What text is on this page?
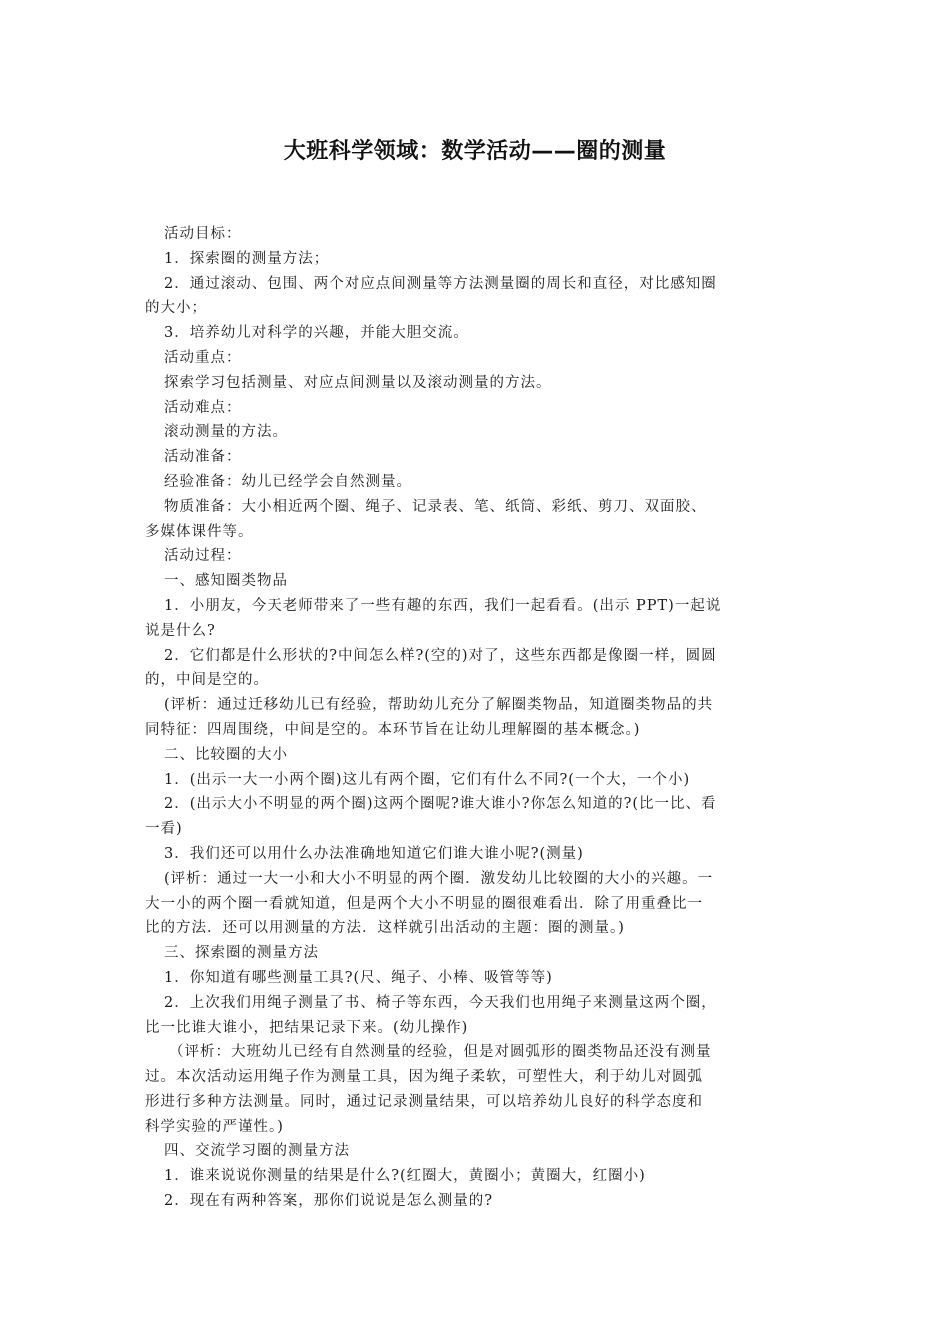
大班科学领域：数学活动——圈的测量

活动目标：

1．探索圈的测量方法；

2．通过滚动、包围、两个对应点间测量等方法测量圈的周长和直径，对比感知圈

的大小；

3．培养幼儿对科学的兴趣，并能大胆交流。

活动重点：

探索学习包括测量、对应点间测量以及滚动测量的方法。

活动难点：

滚动测量的方法。

活动准备：

经验准备：幼儿已经学会自然测量。

物质准备：大小相近两个圈、绳子、记录表、笔、纸筒、彩纸、剪刀、双面胶、

多媒体课件等。

活动过程：

一、感知圈类物品

1．小朋友，今天老师带来了一些有趣的东西，我们一起看看。(出示 PPT)一起说

说是什么?

2．它们都是什么形状的?中间怎么样?(空的)对了，这些东西都是像圈一样，圆圆

的，中间是空的。

(评析：通过迁移幼儿已有经验，帮助幼儿充分了解圈类物品，知道圈类物品的共

同特征：四周围绕，中间是空的。本环节旨在让幼儿理解圈的基本概念。)

二、比较圈的大小

1．(出示一大一小两个圈)这儿有两个圈，它们有什么不同?(一个大，一个小)

2．(出示大小不明显的两个圈)这两个圈呢?谁大谁小?你怎么知道的?(比一比、看

一看)

3．我们还可以用什么办法准确地知道它们谁大谁小呢?(测量)

(评析：通过一大一小和大小不明显的两个圈．激发幼儿比较圈的大小的兴趣。一

大一小的两个圈一看就知道，但是两个大小不明显的圈很难看出．除了用重叠比一

比的方法．还可以用测量的方法．这样就引出活动的主题：圈的测量。)

三、探索圈的测量方法

1．你知道有哪些测量工具?(尺、绳子、小棒、吸管等等)

2．上次我们用绳子测量了书、椅子等东西，今天我们也用绳子来测量这两个圈，

比一比谁大谁小，把结果记录下来。(幼儿操作)

（评析：大班幼儿已经有自然测量的经验，但是对圆弧形的圈类物品还没有测量

过。本次活动运用绳子作为测量工具，因为绳子柔软，可塑性大，利于幼儿对圆弧

形进行多种方法测量。同时，通过记录测量结果，可以培养幼儿良好的科学态度和

科学实验的严谨性。)

四、交流学习圈的测量方法

1．谁来说说你测量的结果是什么?(红圈大，黄圈小；黄圈大，红圈小)

2．现在有两种答案，那你们说说是怎么测量的?
